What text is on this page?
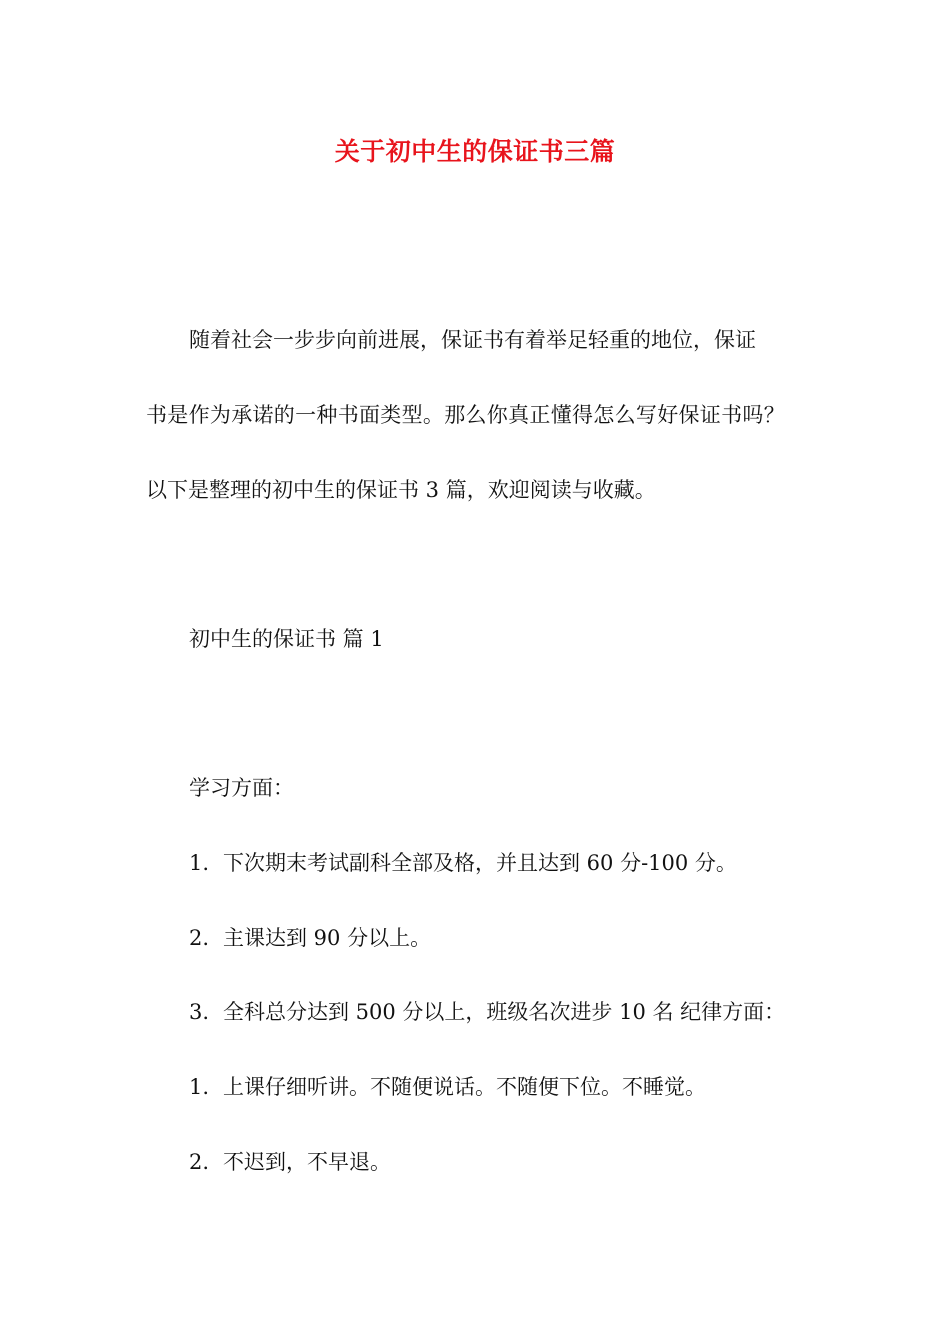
关于初中生的保证书三篇
随着社会一步步向前进展，保证书有着举足轻重的地位，保证
书是作为承诺的一种书面类型。那么你真正懂得怎么写好保证书吗？
以下是整理的初中生的保证书 3 篇，欢迎阅读与收藏。
初中生的保证书 篇 1
学习方面：
1. 下次期末考试副科全部及格，并且达到 60 分-100 分。
2. 主课达到 90 分以上。
3. 全科总分达到 500 分以上，班级名次进步 10 名 纪律方面：
1. 上课仔细听讲。不随便说话。不随便下位。不睡觉。
2. 不迟到，不早退。
